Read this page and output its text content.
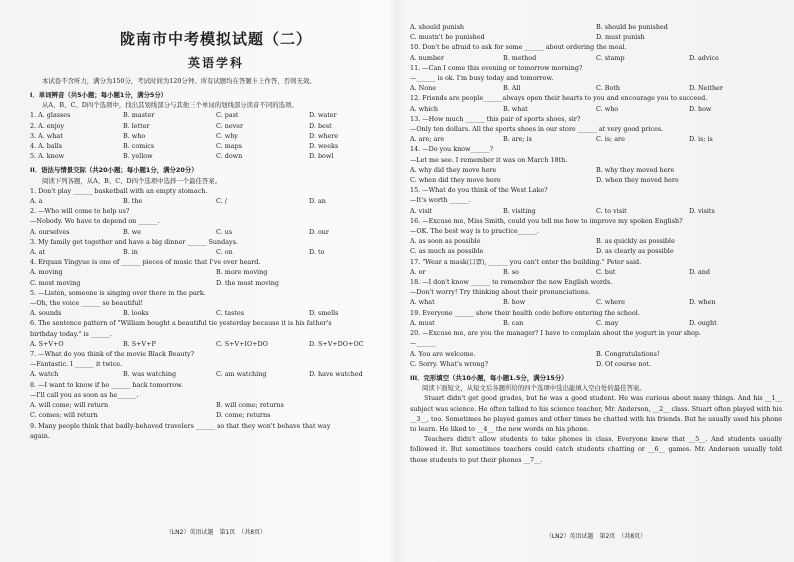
陇南市中考模拟试题（二）
英语学科
本试卷不含听力，满分为150分，考试时间为120分钟。所有试题均在答题卡上作答，否则无效。
I．单词辨音（共5小题；每小题1分，满分5分）
从A、B、C、D四个选项中，找出其划线部分与其他三个单词的划线部分读音不同的选项。
1. A. glasses	B. master	C. past	D. water
2. A. enjoy	B. letter	C. never	D. best
3. A. what	B. who	C. why	D. where
4. A. balls	B. comics	C. maps	D. weeks
5. A. know	B. yellow	C. down	D. bowl
II．语法与情景交际（共20小题；每小题1分，满分20分）
阅读下列各题，从A、B、C、D四个选项中选择一个最佳答案。
1. Don't play ______ basketball with an empty stomach.
A. a	B. the	C. /	D. an
2. —Who will come to help us?
—Nobody. We have to depend on ______.
A. ourselves	B. we	C. us	D. our
3. My family get together and have a big dinner ______ Sundays.
A. at	B. in	C. on	D. to
4. Erquan Yingyue is one of ______ pieces of music that I've ever heard.
A. moving	B. more moving
C. most moving	D. the most moving
5. —Listen, someone is singing over there in the park.
—Oh, the voice ______ so beautiful!
A. sounds	B. looks	C. tastes	D. smells
6. The sentence pattern of "William bought a beautiful tie yesterday because it is his father's
birthday today." is ______.
A. S+V+O	B. S+V+P	C. S+V+IO+DO	D. S+V+DO+OC
7. —What do you think of the movie Black Beauty?
—Fantastic. I ______ it twice.
A. watch	B. was watching	C. am watching	D. have watched
8. —I want to know if he ______ back tomorrow.
—I'll call you as soon as he______.
A. will come; will return	B. will come; returns
C. comes; will return	D. come; returns
9. Many people think that badly-behaved travelers ______ so that they won't behave that way
again.
（LN2）英语试题　第1页　（共8页）
A. should punish	B. should be punished
C. mustn't be punished	D. must punish
10. Don't be afraid to ask for some ______ about ordering the meal.
A. number	B. method	C. stamp	D. advice
11. —Can I come this evening or tomorrow morning?
—______ is ok. I'm busy today and tomorrow.
A. None	B. All	C. Both	D. Neither
12. Friends are people______always open their hearts to you and encourage you to succeed.
A. which	B. what	C. who	D. how
13. —How much ______ this pair of sports shoes, sir?
—Only ten dollars. All the sports shoes in our store ______ at very good prices.
A. are; are	B. are; is	C. is; are	D. is; is
14. —Do you know______?
—Let me see. I remember it was on March 18th.
A. why did they move here	B. why they moved here
C. when did they move here	D. when they moved here
15. —What do you think of the West Lake?
—It's worth ______.
A. visit	B. visiting	C. to visit	D. visits
16. —Excuse me, Miss Smith, could you tell me how to improve my spoken English?
—OK. The best way is to practice______.
A. as soon as possible	B. as quickly as possible
C. as much as possible	D. as clearly as possible
17. "Wear a mask(口罩), ______ you can't enter the building." Peter said.
A. or	B. so	C. but	D. and
18. —I don't know ______ to remember the new English words.
—Don't worry! Try thinking about their pronunciations.
A. what	B. how	C. where	D. when
19. Everyone ______ show their health code before entering the school.
A. must	B. can	C. may	D. ought
20. —Excuse me, are you the manager? I have to complain about the yogurt in your shop.
—______
A. You are welcome.	B. Congratulations!
C. Sorry. What's wrong?	D. Of course not.
III．完形填空（共10小题，每小题1.5分，满分15分）
阅读下面短文，从短文后各题所给的四个选项中选出能填入空白处的最佳答案。
Stuart didn't get good grades, but he was a good student. He was curious about many things. And his __1__ subject was science. He often talked to his science teacher, Mr. Anderson, __2__ class. Stuart often played with his __3__, too. Sometimes he played games and other times he chatted with his friends. But he usually used his phone to learn. He liked to __4__ the new words on his phone.
Teachers didn't allow students to take phones in class. Everyone knew that __5__. And students usually followed it. But sometimes teachers could catch students chatting or __6__ games. Mr. Anderson usually told those students to put their phones __7__.
（LN2）英语试题　第2页　（共8页）
